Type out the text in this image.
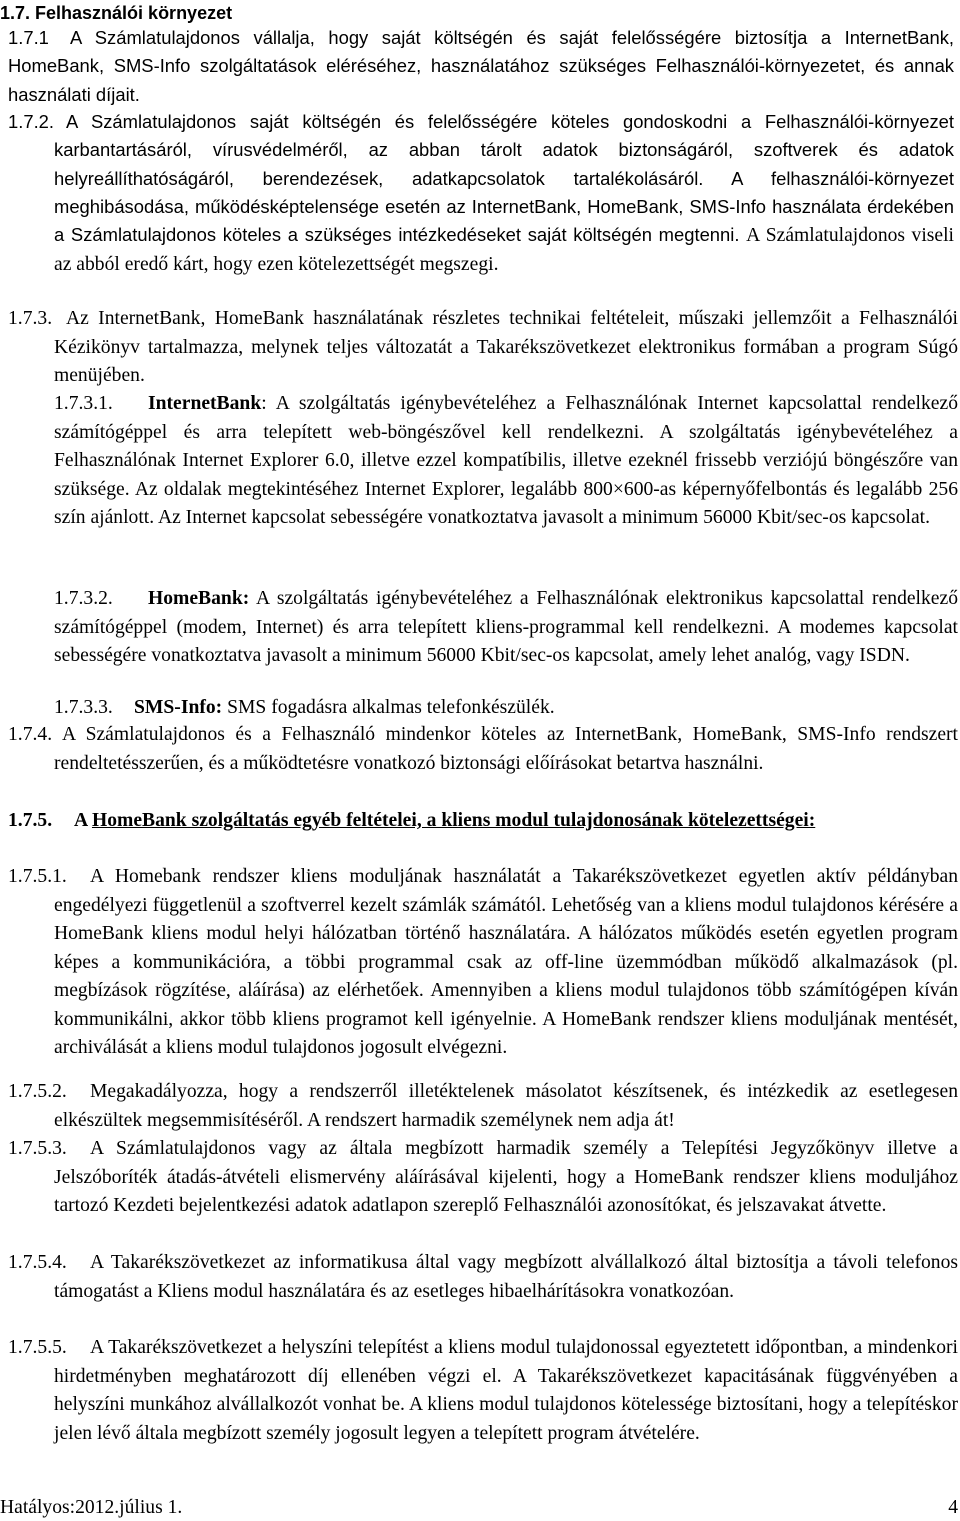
1.7. Felhasználói környezet
1.7.1	A Számlatulajdonos vállalja, hogy saját költségén és saját felelősségére biztosítja a InternetBank, HomeBank, SMS-Info szolgáltatások eléréséhez, használatához szükséges Felhasználói-környezetet, és annak használati díjait.

1.7.2. A Számlatulajdonos saját költségén és felelősségére köteles gondoskodni a Felhasználói-környezet karbantartásáról, vírusvédelméről, az abban tárolt adatok biztonságáról, szoftverek és adatok helyreállíthatóságáról, berendezések, adatkapcsolatok tartalékolásáról. A felhasználói-környezet meghibásodása, működésképtelensége esetén az InternetBank, HomeBank, SMS-Info használata érdekében a Számlatulajdonos köteles a szükséges intézkedéseket saját költségén megtenni. A Számlatulajdonos viseli az abból eredő kárt, hogy ezen kötelezettségét megszegi.

1.7.3. Az InternetBank, HomeBank használatának részletes technikai feltételeit, műszaki jellemzőit a Felhasználói Kézikönyv tartalmazza, melynek teljes változatát a Takarékszövetkezet elektronikus formában a program Súgó menüjében.

1.7.3.1.	InternetBank: A szolgáltatás igénybevételéhez a Felhasználónak Internet kapcsolattal rendelkező számítógéppel és arra telepített web-böngészővel kell rendelkezni. A szolgáltatás igénybevételéhez a Felhasználónak Internet Explorer 6.0, illetve ezzel kompatíbilis, illetve ezeknél frissebb verziójú böngészőre van szüksége. Az oldalak megtekintéséhez Internet Explorer, legalább 800×600-as képernyőfelbontás és legalább 256 szín ajánlott. Az Internet kapcsolat sebességére vonatkoztatva javasolt a minimum 56000 Kbit/sec-os kapcsolat.

1.7.3.2.	HomeBank: A szolgáltatás igénybevételéhez a Felhasználónak elektronikus kapcsolattal rendelkező számítógéppel (modem, Internet) és arra telepített kliens-programmal kell rendelkezni. A modemes kapcsolat sebességére vonatkoztatva javasolt a minimum 56000 Kbit/sec-os kapcsolat, amely lehet analóg, vagy ISDN.

1.7.3.3.	SMS-Info: SMS fogadásra alkalmas telefonkészülék.

1.7.4. A Számlatulajdonos és a Felhasználó mindenkor köteles az InternetBank, HomeBank, SMS-Info rendszert rendeltetésszerűen, és a működtetésre vonatkozó biztonsági előírásokat betartva használni.

1.7.5.	A HomeBank szolgáltatás egyéb feltételei, a kliens modul tulajdonosának kötelezettségei:

1.7.5.1.	A Homebank rendszer kliens moduljának használatát a Takarékszövetkezet egyetlen aktív példányban engedélyezi függetlenül a szoftverrel kezelt számlák számától. Lehetőség van a kliens modul tulajdonos kérésére a HomeBank kliens modul helyi hálózatban történő használatára. A hálózatos működés esetén egyetlen program képes a kommunikációra, a többi programmal csak az off-line üzemmódban működő alkalmazások (pl. megbízások rögzítése, aláírása) az elérhetőek. Amennyiben a kliens modul tulajdonos több számítógépen kíván kommunikálni, akkor több kliens programot kell igényelnie. A HomeBank rendszer kliens moduljának mentését, archiválását a kliens modul tulajdonos jogosult elvégezni.

1.7.5.2.	Megakadályozza, hogy a rendszerről illetéktelenek másolatot készítsenek, és intézkedik az esetlegesen elkészültek megsemmisítéséről. A rendszert harmadik személynek nem adja át!

1.7.5.3.	A Számlatulajdonos vagy az általa megbízott harmadik személy a Telepítési Jegyzőkönyv illetve a Jelszóboríték átadás-átvételi elismervény aláírásával kijelenti, hogy a HomeBank rendszer kliens moduljához tartozó Kezdeti bejelentkezési adatok adatlapon szereplő Felhasználói azonosítókat, és jelszavakat átvette.

1.7.5.4.	A Takarékszövetkezet az informatikusa által vagy megbízott alvállalkozó által biztosítja a távoli telefonos támogatást a Kliens modul használatára és az esetleges hibaelhárításokra vonatkozóan.

1.7.5.5.	A Takarékszövetkezet a helyszíni telepítést a kliens modul tulajdonossal egyeztetett időpontban, a mindenkori hirdetményben meghatározott díj ellenében végzi el. A Takarékszövetkezet kapacitásának függvényében a helyszíni munkához alvállalkozót vonhat be. A kliens modul tulajdonos kötelessége biztosítani, hogy a telepítéskor jelen lévő általa megbízott személy jogosult legyen a telepített program átvételére.

Hatályos:2012.július 1.	4
